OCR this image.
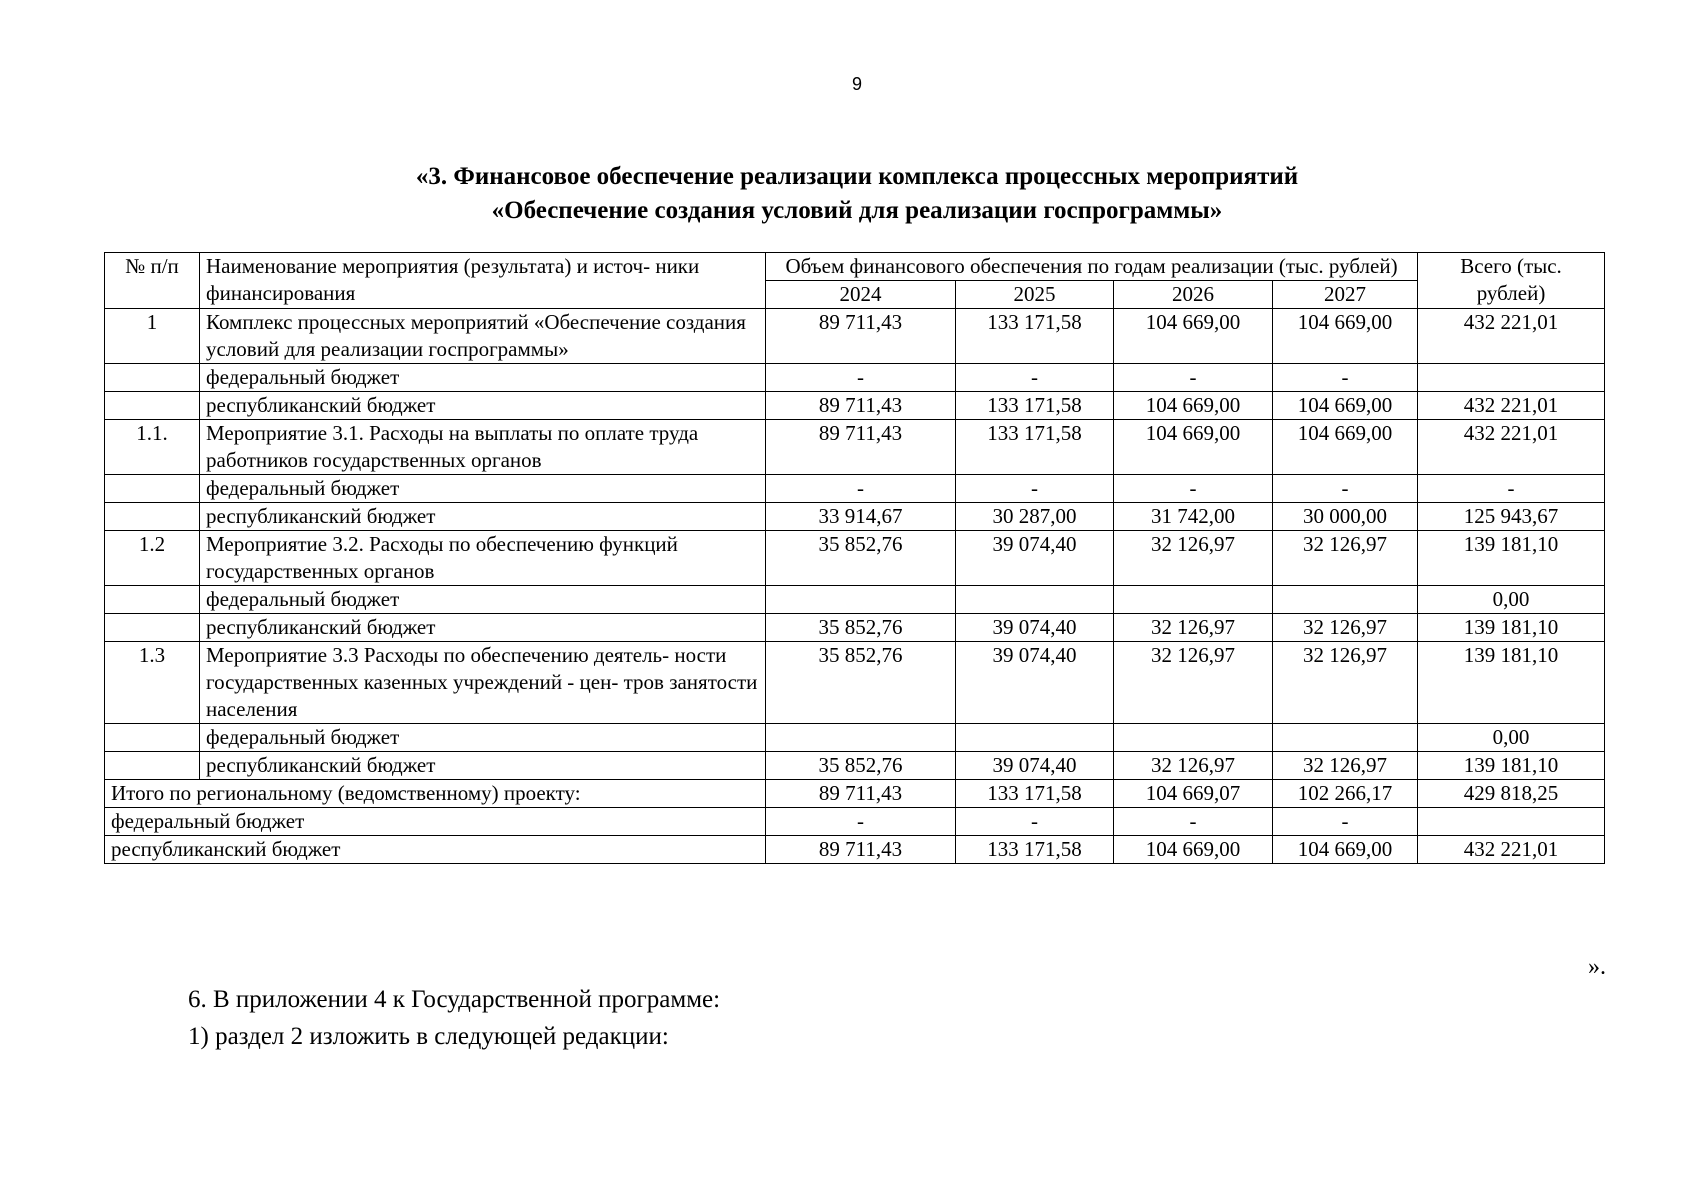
9
«3. Финансовое обеспечение реализации комплекса процессных мероприятий
«Обеспечение создания условий для реализации госпрограммы»
№ п/п	Наименование мероприятия (результата) и источ- ники финансирования	Объем финансового обеспечения по годам реализации (тыс. рублей)				Всего (тыс. рублей)
		2024	2025	2026	2027	
1	Комплекс процессных мероприятий «Обеспечение создания условий для реализации госпрограммы»	89 711,43	133 171,58	104 669,00	104 669,00	432 221,01
	федеральный бюджет	-	-	-	-	
	республиканский бюджет	89 711,43	133 171,58	104 669,00	104 669,00	432 221,01
1.1.	Мероприятие 3.1. Расходы на выплаты по оплате труда работников государственных органов	89 711,43	133 171,58	104 669,00	104 669,00	432 221,01
	федеральный бюджет	-	-	-	-	-
	республиканский бюджет	33 914,67	30 287,00	31 742,00	30 000,00	125 943,67
1.2	Мероприятие 3.2. Расходы по обеспечению функций государственных органов	35 852,76	39 074,40	32 126,97	32 126,97	139 181,10
	федеральный бюджет					0,00
	республиканский бюджет	35 852,76	39 074,40	32 126,97	32 126,97	139 181,10
1.3	Мероприятие 3.3 Расходы по обеспечению деятель- ности государственных казенных учреждений - цен- тров занятости населения	35 852,76	39 074,40	32 126,97	32 126,97	139 181,10
	федеральный бюджет					0,00
	республиканский бюджет	35 852,76	39 074,40	32 126,97	32 126,97	139 181,10
Итого по региональному (ведомственному) проекту:		89 711,43	133 171,58	104 669,07	102 266,17	429 818,25
федеральный бюджет		-	-	-	-	
республиканский бюджет		89 711,43	133 171,58	104 669,00	104 669,00	432 221,01
».
6. В приложении 4 к Государственной программе:
1) раздел 2 изложить в следующей редакции:
